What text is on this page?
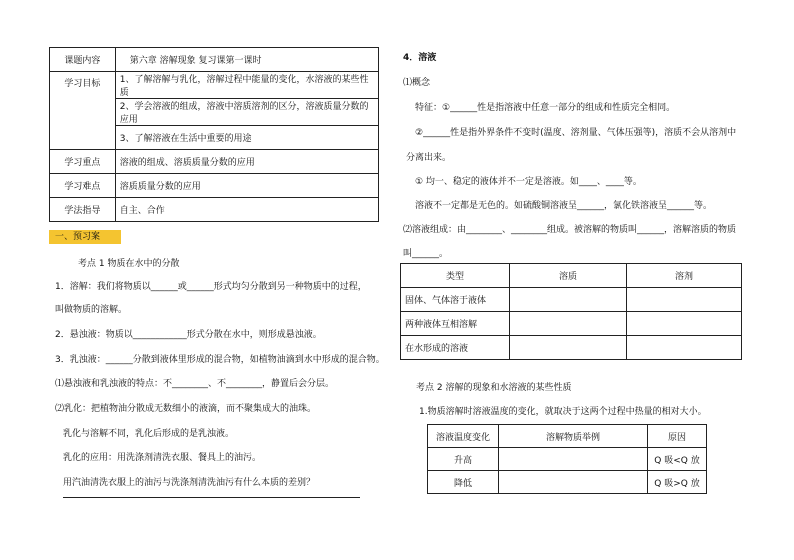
课题内容	第六章 溶解现象 复习课第一课时
学习目标	1、了解溶解与乳化，溶解过程中能量的变化，水溶液的某些性质
	2、学会溶液的组成，溶液中溶质溶剂的区分，溶液质量分数的应用
	3、了解溶液在生活中重要的用途
学习重点	溶液的组成、溶质质量分数的应用
学习难点	溶质质量分数的应用
学法指导	自主、合作
一、预习案
考点 1 物质在水中的分散
1．溶解：我们将物质以______或______形式均匀分散到另一种物质中的过程，
叫做物质的溶解。
2．悬浊液：物质以____________形式分散在水中，则形成悬浊液。
3．乳浊液：______分散到液体里形成的混合物，如植物油滴到水中形成的混合物。
⑴悬浊液和乳浊液的特点：不________、不________，静置后会分层。
⑵乳化：把植物油分散成无数细小的液滴，而不聚集成大的油珠。
乳化与溶解不同，乳化后形成的是乳浊液。
乳化的应用：用洗涤剂清洗衣服、餐具上的油污。
用汽油清洗衣服上的油污与洗涤剂清洗油污有什么本质的差别？
4．溶液
⑴概念
特征：①______性是指溶液中任意一部分的组成和性质完全相同。
②______性是指外界条件不变时(温度、溶剂量、气体压强等)，溶质不会从溶剂中
分离出来。
① 均一、稳定的液体并不一定是溶液。如____、____等。
溶液不一定都是无色的。如硫酸铜溶液呈______，氯化铁溶液呈______等。
⑵溶液组成：由________、________组成。被溶解的物质叫______，溶解溶质的物质
叫______。
类型	溶质	溶剂
固体、气体溶于液体		
两种液体互相溶解		
在水形成的溶液		
考点 2 溶解的现象和水溶液的某些性质
1.物质溶解时溶液温度的变化，就取决于这两个过程中热量的相对大小。
溶液温度变化	溶解物质举例	原因
升高		Q 吸<Q 放
降低		Q 吸>Q 放
